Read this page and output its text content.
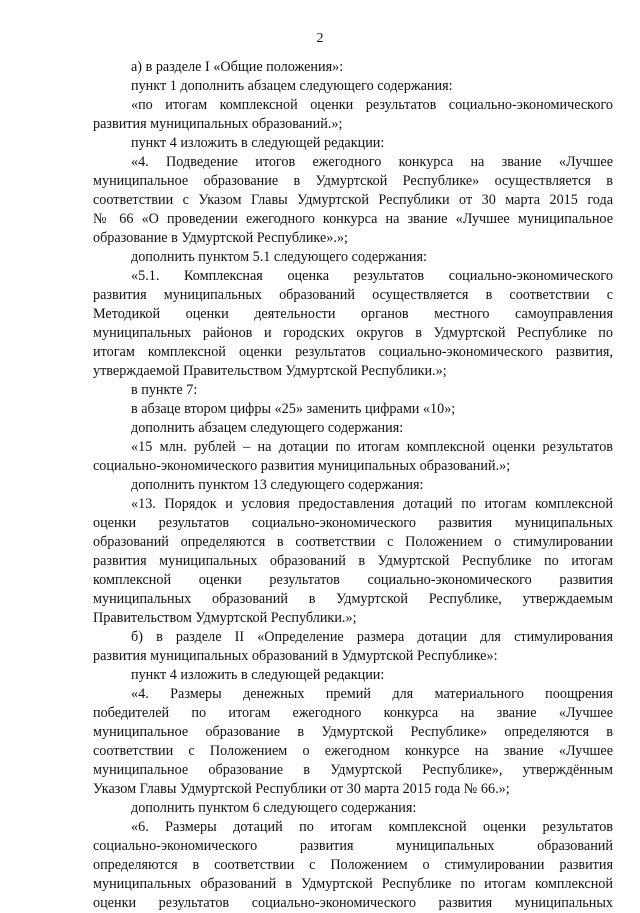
2
а) в разделе I «Общие положения»:
пункт 1 дополнить абзацем следующего содержания:
«по итогам комплексной оценки результатов социально-экономического
развития муниципальных образований.»;
пункт 4 изложить в следующей редакции:
«4. Подведение итогов ежегодного конкурса на звание «Лучшее
муниципальное образование в Удмуртской Республике» осуществляется в
соответствии с Указом Главы Удмуртской Республики от 30 марта 2015 года
№ 66 «О проведении ежегодного конкурса на звание «Лучшее муниципальное
образование в Удмуртской Республике».»;
дополнить пунктом 5.1 следующего содержания:
«5.1. Комплексная оценка результатов социально-экономического
развития муниципальных образований осуществляется в соответствии с
Методикой оценки деятельности органов местного самоуправления
муниципальных районов и городских округов в Удмуртской Республике по
итогам комплексной оценки результатов социально-экономического развития,
утверждаемой Правительством Удмуртской Республики.»;
в пункте 7:
в абзаце втором цифры «25» заменить цифрами «10»;
дополнить абзацем следующего содержания:
«15 млн. рублей – на дотации по итогам комплексной оценки результатов
социально-экономического развития муниципальных образований.»;
дополнить пунктом 13 следующего содержания:
«13. Порядок и условия предоставления дотаций по итогам комплексной
оценки результатов социально-экономического развития муниципальных
образований определяются в соответствии с Положением о стимулировании
развития муниципальных образований в Удмуртской Республике по итогам
комплексной оценки результатов социально-экономического развития
муниципальных образований в Удмуртской Республике, утверждаемым
Правительством Удмуртской Республики.»;
б) в разделе II «Определение размера дотации для стимулирования
развития муниципальных образований в Удмуртской Республике»:
пункт 4 изложить в следующей редакции:
«4. Размеры денежных премий для материального поощрения
победителей по итогам ежегодного конкурса на звание «Лучшее
муниципальное образование в Удмуртской Республике» определяются в
соответствии с Положением о ежегодном конкурсе на звание «Лучшее
муниципальное образование в Удмуртской Республике», утверждённым
Указом Главы Удмуртской Республики от 30 марта 2015 года № 66.»;
дополнить пунктом 6 следующего содержания:
«6. Размеры дотаций по итогам комплексной оценки результатов
социально-экономического развития муниципальных образований
определяются в соответствии с Положением о стимулировании развития
муниципальных образований в Удмуртской Республике по итогам комплексной
оценки результатов социально-экономического развития муниципальных
